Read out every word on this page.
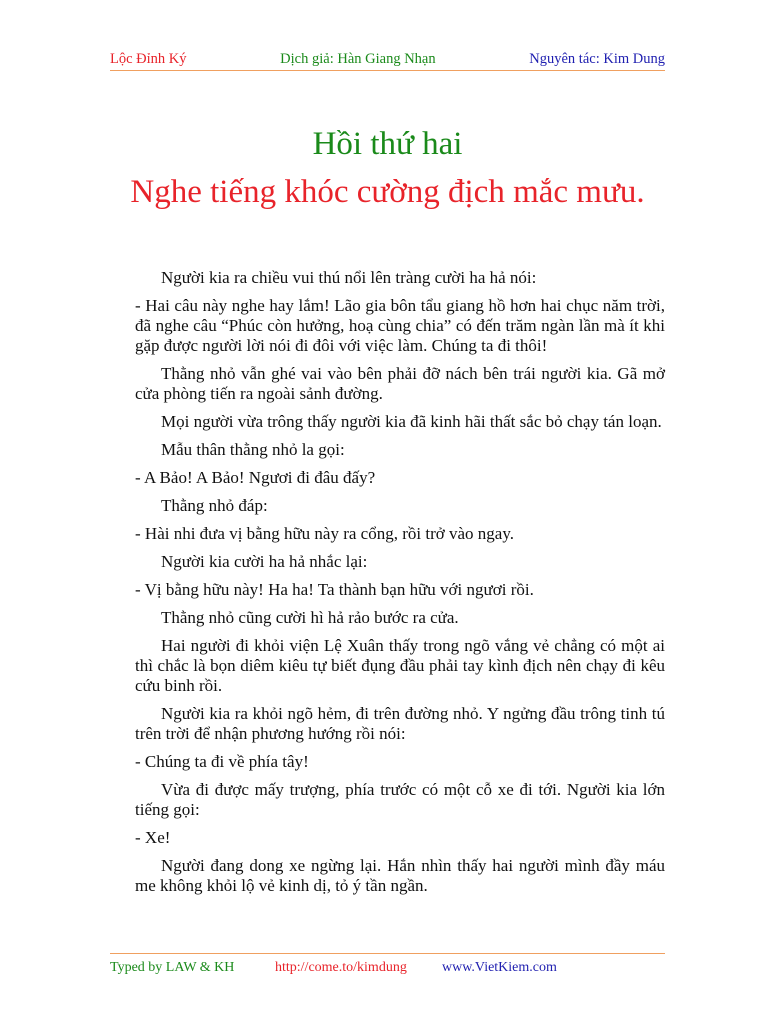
Lộc Đỉnh Ký	Dịch giả: Hàn Giang Nhạn	Nguyên tác: Kim Dung
Hồi thứ hai
Nghe tiếng khóc cường địch mắc mưu.

Người kia ra chiều vui thú nổi lên tràng cười ha hả nói:

- Hai câu này nghe hay lắm! Lão gia bôn tẩu giang hồ hơn hai chục năm trời, đã nghe câu “Phúc còn hưởng, hoạ cùng chia” có đến trăm ngàn lần mà ít khi gặp được người lời nói đi đôi với việc làm. Chúng ta đi thôi!

Thằng nhỏ vẫn ghé vai vào bên phải đỡ nách bên trái người kia. Gã mở cửa phòng tiến ra ngoài sảnh đường.

Mọi người vừa trông thấy người kia đã kinh hãi thất sắc bỏ chạy tán loạn.

Mẫu thân thằng nhỏ la gọi:

- A Bảo! A Bảo! Ngươi đi đâu đấy?

Thằng nhỏ đáp:

- Hài nhi đưa vị bằng hữu này ra cổng, rồi trở vào ngay.

Người kia cười ha hả nhắc lại:

- Vị bằng hữu này! Ha ha! Ta thành bạn hữu với ngươi rồi.

Thằng nhỏ cũng cười hì hả rảo bước ra cửa.

Hai người đi khỏi viện Lệ Xuân thấy trong ngõ vắng vẻ chẳng có một ai thì chắc là bọn diêm kiêu tự biết đụng đầu phải tay kình địch nên chạy đi kêu cứu binh rồi.

Người kia ra khỏi ngõ hẻm, đi trên đường nhỏ. Y ngửng đầu trông tinh tú trên trời để nhận phương hướng rồi nói:

- Chúng ta đi về phía tây!

Vừa đi được mấy trượng, phía trước có một cỗ xe đi tới. Người kia lớn tiếng gọi:

- Xe!

Người đang dong xe ngừng lại. Hắn nhìn thấy hai người mình đầy máu me không khỏi lộ vẻ kinh dị, tỏ ý tần ngần.

Typed by LAW & KH	http://come.to/kimdung	www.VietKiem.com
